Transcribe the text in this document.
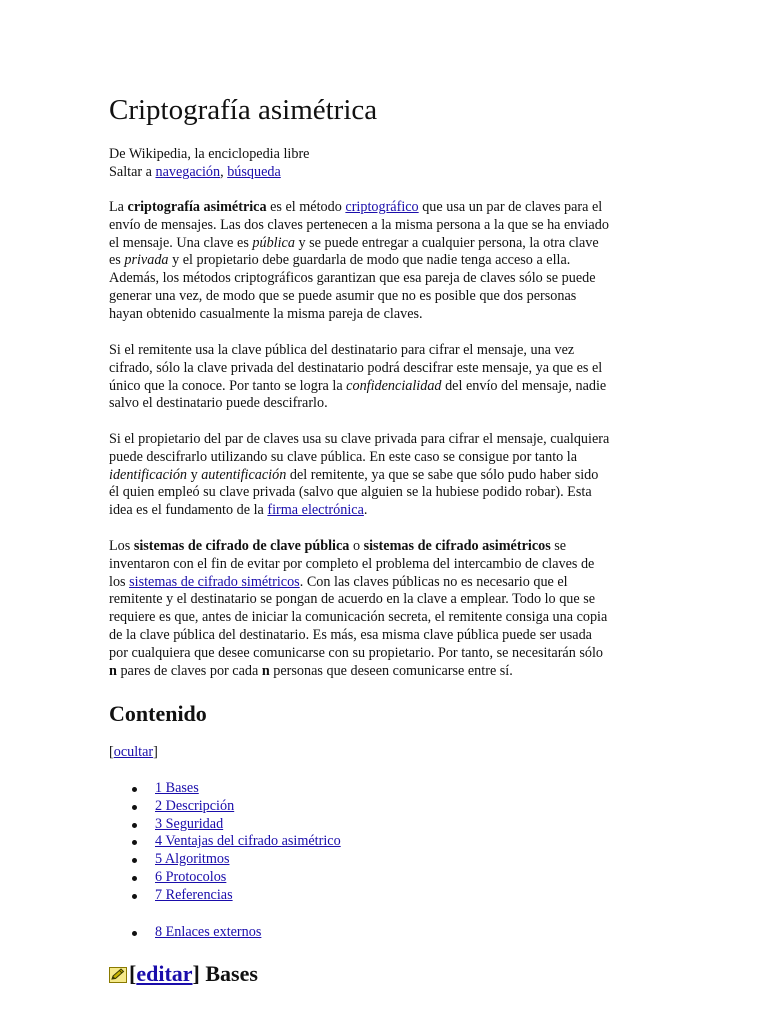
Criptografía asimétrica
De Wikipedia, la enciclopedia libre
Saltar a navegación, búsqueda
La criptografía asimétrica es el método criptográfico que usa un par de claves para el
envío de mensajes. Las dos claves pertenecen a la misma persona a la que se ha enviado
el mensaje. Una clave es pública y se puede entregar a cualquier persona, la otra clave
es privada y el propietario debe guardarla de modo que nadie tenga acceso a ella.
Además, los métodos criptográficos garantizan que esa pareja de claves sólo se puede
generar una vez, de modo que se puede asumir que no es posible que dos personas
hayan obtenido casualmente la misma pareja de claves.
Si el remitente usa la clave pública del destinatario para cifrar el mensaje, una vez
cifrado, sólo la clave privada del destinatario podrá descifrar este mensaje, ya que es el
único que la conoce. Por tanto se logra la confidencialidad del envío del mensaje, nadie
salvo el destinatario puede descifrarlo.
Si el propietario del par de claves usa su clave privada para cifrar el mensaje, cualquiera
puede descifrarlo utilizando su clave pública. En este caso se consigue por tanto la
identificación y autentificación del remitente, ya que se sabe que sólo pudo haber sido
él quien empleó su clave privada (salvo que alguien se la hubiese podido robar). Esta
idea es el fundamento de la firma electrónica.
Los sistemas de cifrado de clave pública o sistemas de cifrado asimétricos se
inventaron con el fin de evitar por completo el problema del intercambio de claves de
los sistemas de cifrado simétricos. Con las claves públicas no es necesario que el
remitente y el destinatario se pongan de acuerdo en la clave a emplear. Todo lo que se
requiere es que, antes de iniciar la comunicación secreta, el remitente consiga una copia
de la clave pública del destinatario. Es más, esa misma clave pública puede ser usada
por cualquiera que desee comunicarse con su propietario. Por tanto, se necesitarán sólo
n pares de claves por cada n personas que deseen comunicarse entre sí.
Contenido
[ocultar]
1 Bases
2 Descripción
3 Seguridad
4 Ventajas del cifrado asimétrico
5 Algoritmos
6 Protocolos
7 Referencias
8 Enlaces externos
[editar] Bases
